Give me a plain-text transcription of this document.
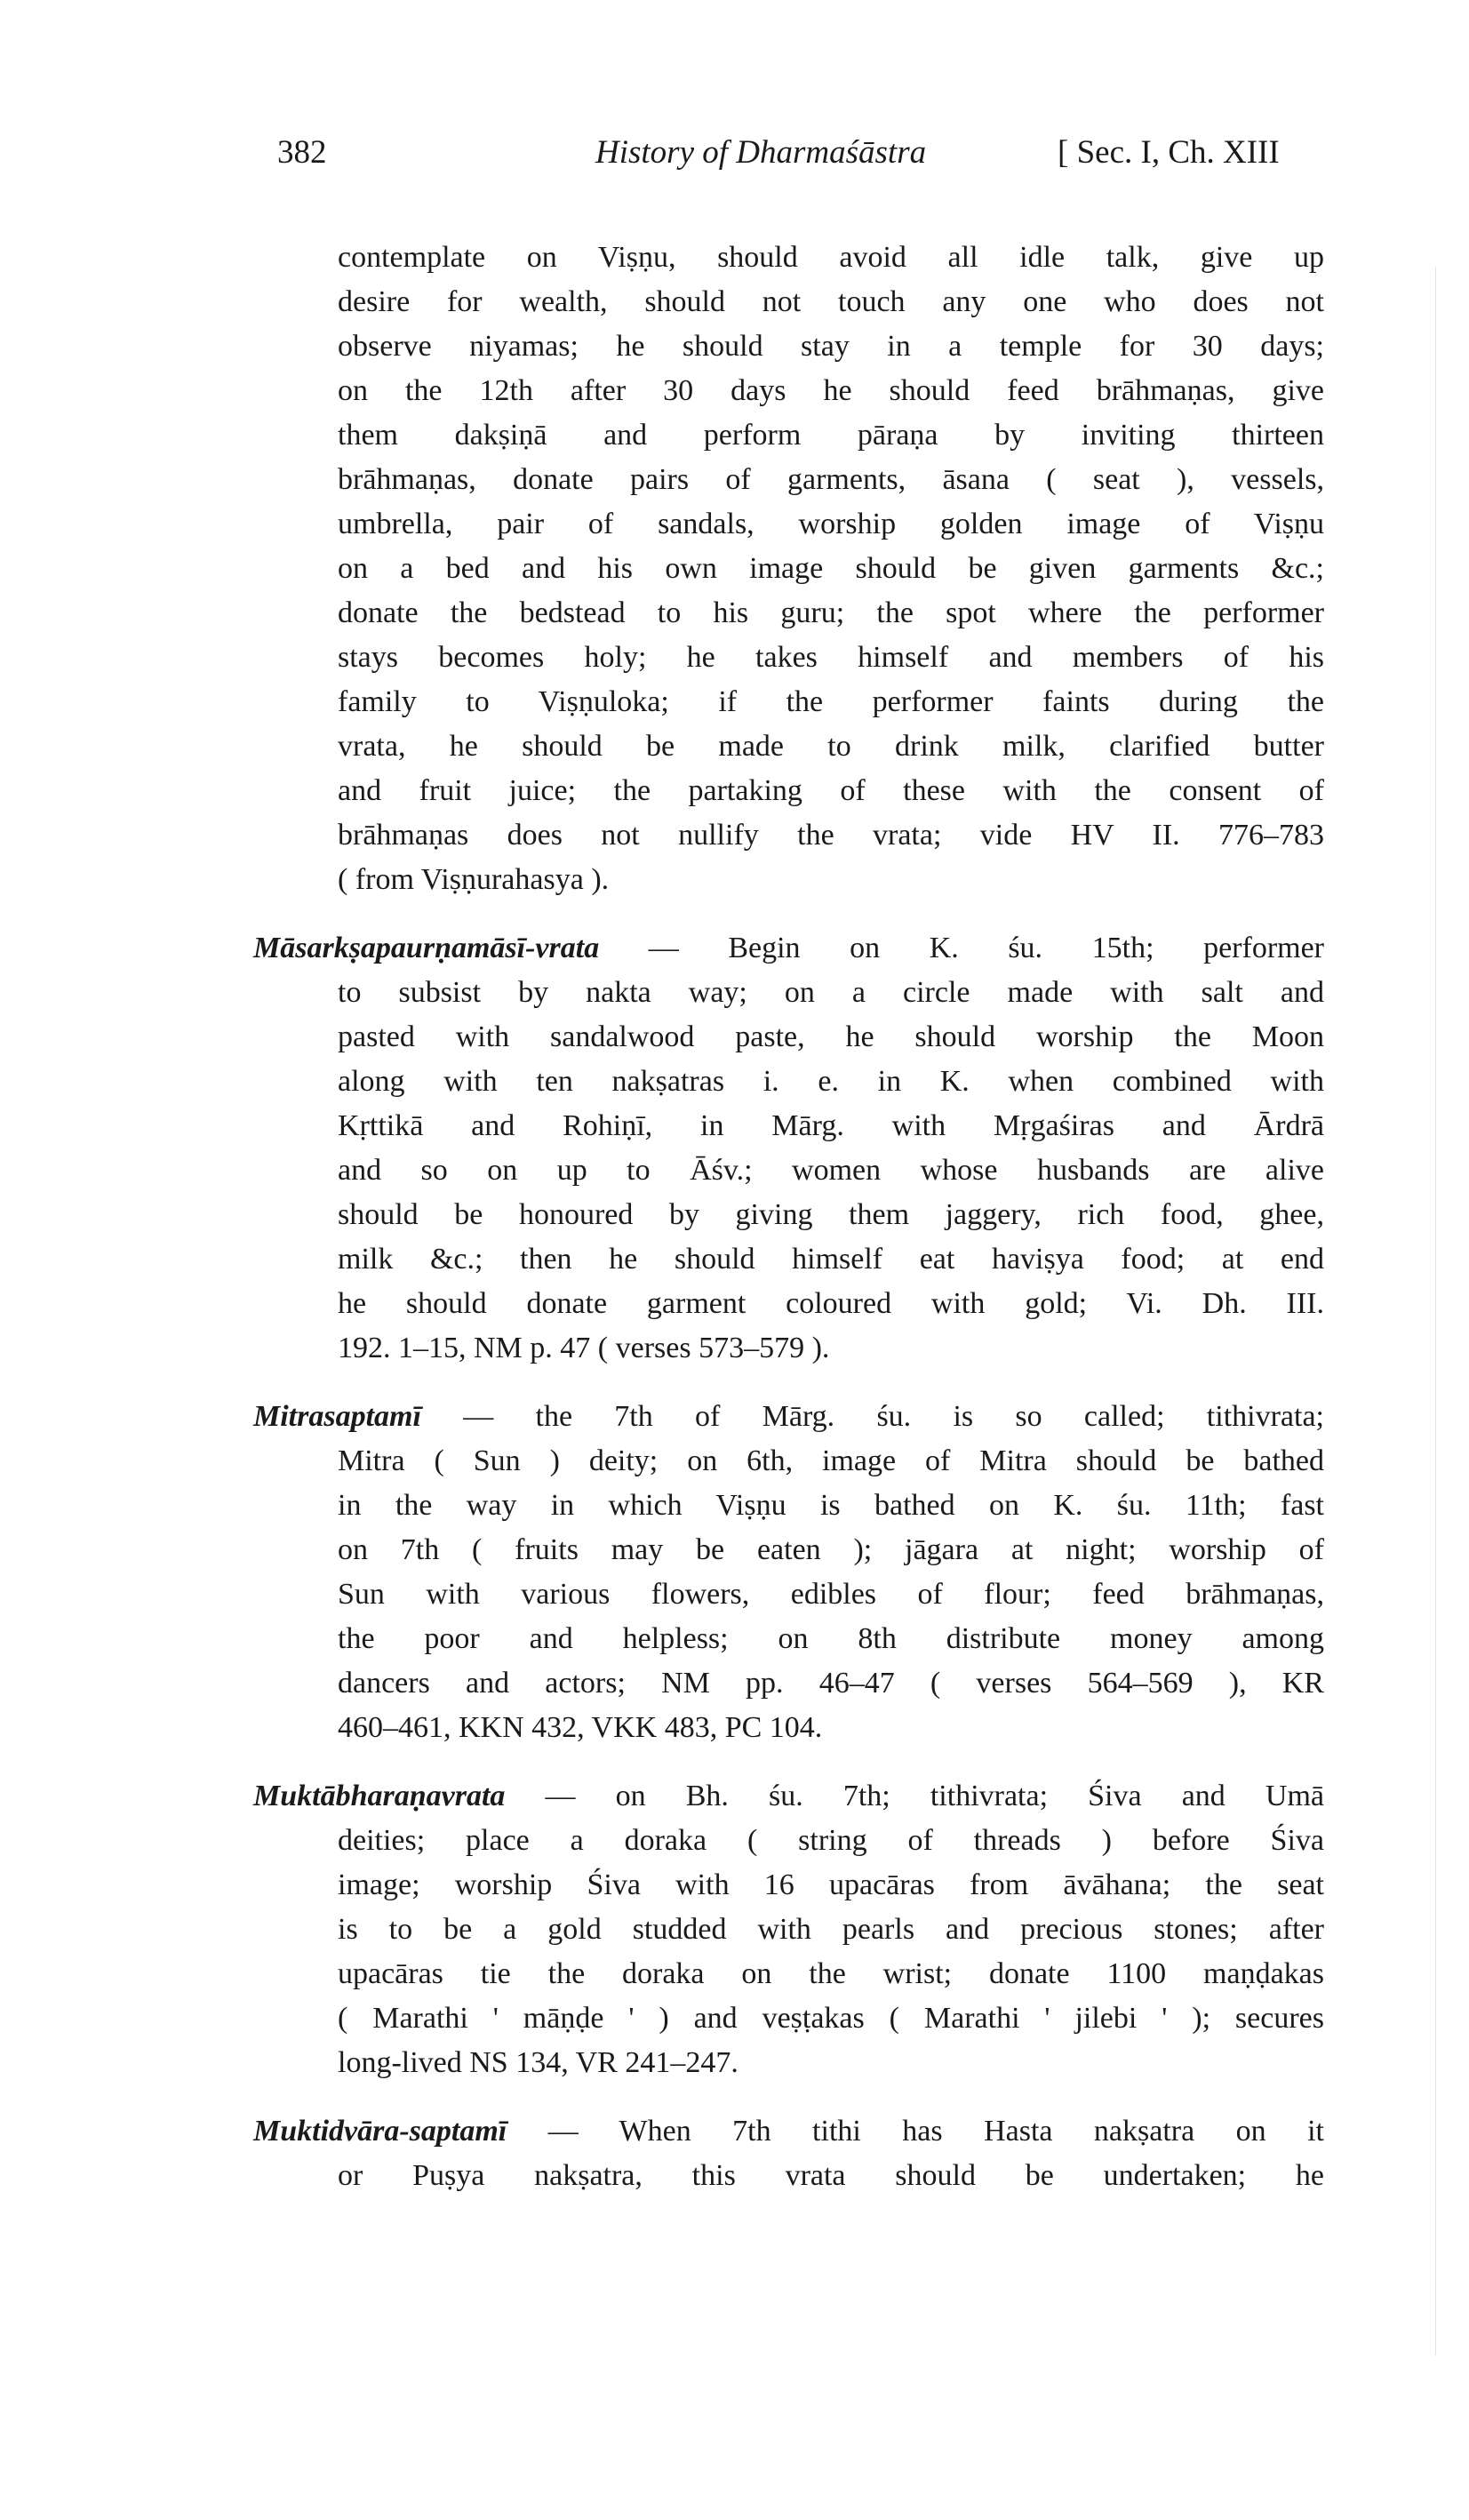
382	History of Dharmaśāstra	[ Sec. I, Ch. XIII
contemplate on Viṣṇu, should avoid all idle talk, give up
desire for wealth, should not touch any one who does not
observe niyamas; he should stay in a temple for 30 days;
on the 12th after 30 days he should feed brāhmaṇas, give
them dakṣiṇā and perform pāraṇa by inviting thirteen
brāhmaṇas, donate pairs of garments, āsana ( seat ), vessels,
umbrella, pair of sandals, worship golden image of Viṣṇu
on a bed and his own image should be given garments &c.;
donate the bedstead to his guru; the spot where the performer
stays becomes holy; he takes himself and members of his
family to Viṣṇuloka; if the performer faints during the
vrata, he should be made to drink milk, clarified butter
and fruit juice; the partaking of these with the consent of
brāhmaṇas does not nullify the vrata; vide HV II. 776–783
( from Viṣṇurahasya ).
Māsarkṣapaurṇamāsī-vrata — Begin on K. śu. 15th; performer
to subsist by nakta way; on a circle made with salt and
pasted with sandalwood paste, he should worship the Moon
along with ten nakṣatras i. e. in K. when combined with
Kṛttikā and Rohiṇī, in Mārg. with Mṛgaśiras and Ārdrā
and so on up to Āśv.; women whose husbands are alive
should be honoured by giving them jaggery, rich food, ghee,
milk &c.; then he should himself eat haviṣya food; at end
he should donate garment coloured with gold; Vi. Dh. III.
192. 1–15, NM p. 47 ( verses 573–579 ).
Mitrasaptamī — the 7th of Mārg. śu. is so called; tithivrata;
Mitra ( Sun ) deity; on 6th, image of Mitra should be bathed
in the way in which Viṣṇu is bathed on K. śu. 11th; fast
on 7th ( fruits may be eaten ); jāgara at night; worship of
Sun with various flowers, edibles of flour; feed brāhmaṇas,
the poor and helpless; on 8th distribute money among
dancers and actors; NM pp. 46–47 ( verses 564–569 ), KR
460–461, KKN 432, VKK 483, PC 104.
Muktābharaṇavrata — on Bh. śu. 7th; tithivrata; Śiva and Umā
deities; place a doraka ( string of threads ) before Śiva
image; worship Śiva with 16 upacāras from āvāhana; the seat
is to be a gold studded with pearls and precious stones; after
upacāras tie the doraka on the wrist; donate 1100 maṇḍakas
( Marathi ' māṇḍe ' ) and veṣṭakas ( Marathi ' jilebi ' ); secures
long-lived NS 134, VR 241–247.
Muktidvāra-saptamī — When 7th tithi has Hasta nakṣatra on it
or Puṣya nakṣatra, this vrata should be undertaken; he
